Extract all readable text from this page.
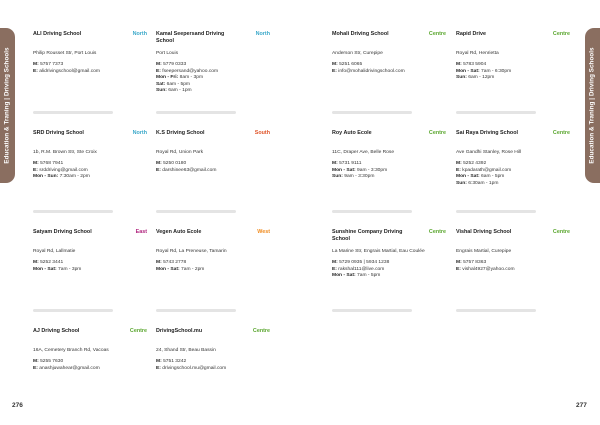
Education & Traning | Driving Schools	Education & Traning | Driving Schools
ALI Driving School	North
Philip Rousset Str, Port Louis
M: 5757 7373
E: alidrivingschool@gmail.com
Kamal Seepersand Driving School
North
Port Louis
M: 5779 0333
E: fseepersand@yahoo.com
Mon - Fri: 8am - 3pm
Sat: 6am - 5pm
Sun: 6am - 1pm
Mohali Driving School	Centre
Anderson Str, Curepipe
M: 5251 6065
E: info@mohalidrivingschool.com
Rapid Drive	Centre
Royal Rd, Henrietta
M: 5783 5904
Mon - Sat: 7am - 6:30pm
Sun: 6am - 12pm
SRD Driving School	North
1b, R.M. Brown Str, Ste Croix
M: 5768 7941
E: srddriving@gmail.com
Mon - Sun: 7:30am - 2pm
K.S Driving School	South
Royal Rd, Union Park
M: 5250 0180
E: darshinee63@gmail.com
Roy Auto Ecole	Centre
11C, Draper Ave, Belle Rose
M: 5731 9111
Mon - Sat: 9am - 3:30pm
Sun: 9am - 3:30pm
Sai Raya Driving School	Centre
Ave Gandhi Stanley, Rose Hill
M: 5252 4392
E: kpadarath@gmail.com
Mon - Sat: 6am - 5pm
Sun: 6:30am - 1pm
Satyam Driving School	East
Royal Rd, Lallmatie
M: 5252 3441
Mon - Sat: 7am - 3pm
Vegen Auto Ecole	West
Royal Rd, La Preneuse, Tamarin
M: 5743 2778
Mon - Sat: 7am - 2pm
Sunshine Company Driving School
Centre
La Marine Str, Engrais Martial, Eau Coulée
M: 5729 0935 | 5934 1238
E: rakshal111@live.com
Mon - Sat: 7am - 5pm
Vishal Driving School	Centre
Engrais Martial, Curepipe
M: 5757 8363
E: vishal4927@yahoo.com
AJ Driving School	Centre
16A, Cemetery Branch Rd, Vacoas
M: 5255 7630
E: anashjuwahear@gmail.com
DrivingSchool.mu	Centre
24, Shand Str, Beau Bassin
M: 5751 3242
E: drivingschool.mu@gmail.com
276	277
